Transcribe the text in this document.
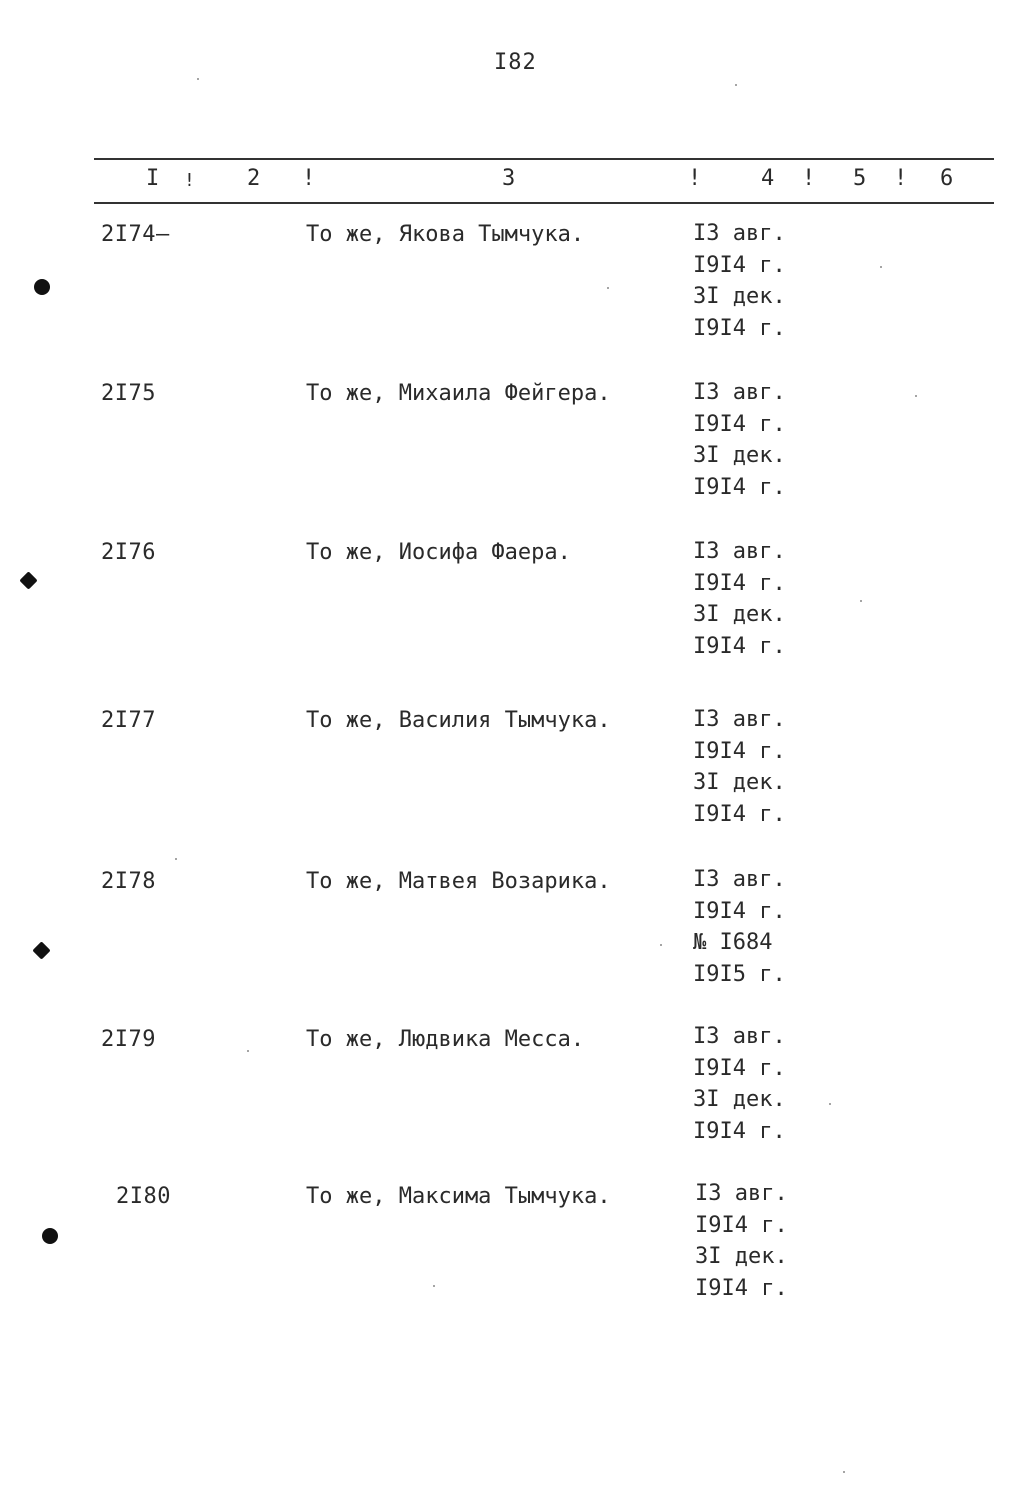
I82
I ! 2 !	3	!	4 ! 5 ! 6
2I74–	То же, Якова Тымчука.	I3 авг.
I9I4 г.
3I дек.
I9I4 г.
2I75	То же, Михаила Фейгера.	I3 авг.
I9I4 г.
3I дек.
I9I4 г.
2I76	То же, Иосифа Фаера.	I3 авг.
I9I4 г.
3I дек.
I9I4 г.
2I77	То же, Василия Тымчука.	I3 авг.
I9I4 г.
3I дек.
I9I4 г.
2I78	То же, Матвея Возарика.	I3 авг.
I9I4 г.
№ I684
I9I5 г.
2I79	То же, Людвика Месса.	I3 авг.
I9I4 г.
3I дек.
I9I4 г.
2I80	То же, Максима Тымчука.	I3 авг.
I9I4 г.
3I дек.
I9I4 г.
